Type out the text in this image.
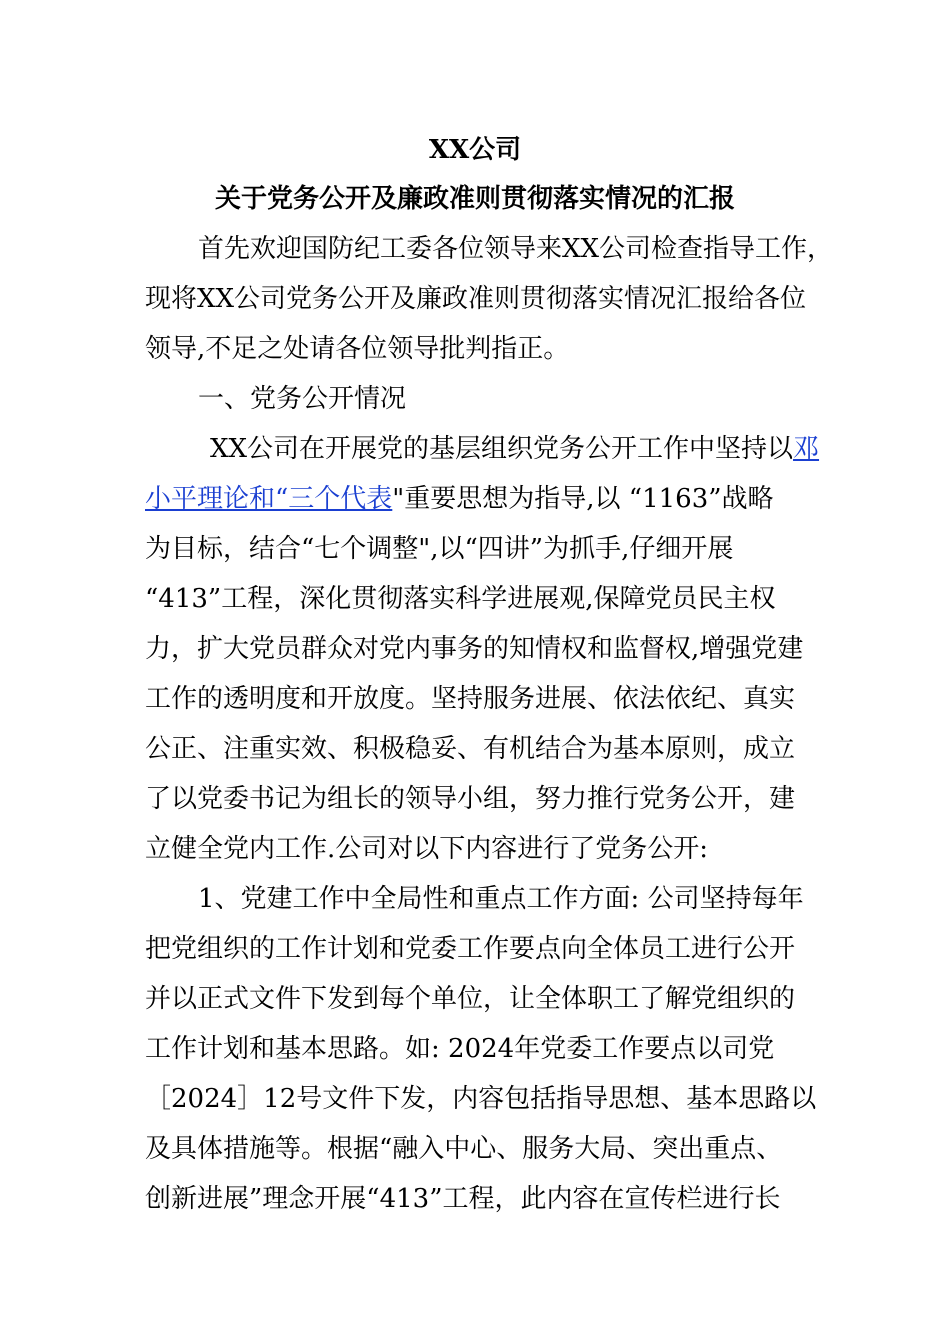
XX公司
关于党务公开及廉政准则贯彻落实情况的汇报

首先欢迎国防纪工委各位领导来XX公司检查指导工作，

现将XX公司党务公开及廉政准则贯彻落实情况汇报给各位

领导,不足之处请各位领导批判指正。

一、党务公开情况

XX公司在开展党的基层组织党务公开工作中坚持以邓

小平理论和“三个代表"重要思想为指导,以 “1163”战略

为目标，结合“七个调整",以“四讲”为抓手,仔细开展

“413”工程，深化贯彻落实科学进展观,保障党员民主权

力，扩大党员群众对党内事务的知情权和监督权,增强党建

工作的透明度和开放度。坚持服务进展、依法依纪、真实

公正、注重实效、积极稳妥、有机结合为基本原则，成立

了以党委书记为组长的领导小组，努力推行党务公开，建

立健全党内工作.公司对以下内容进行了党务公开:

1、党建工作中全局性和重点工作方面: 公司坚持每年

把党组织的工作计划和党委工作要点向全体员工进行公开

并以正式文件下发到每个单位，让全体职工了解党组织的

工作计划和基本思路。如: 2024年党委工作要点以司党

［2024］12号文件下发，内容包括指导思想、基本思路以

及具体措施等。根据“融入中心、服务大局、突出重点、

创新进展”理念开展“413”工程，此内容在宣传栏进行长
